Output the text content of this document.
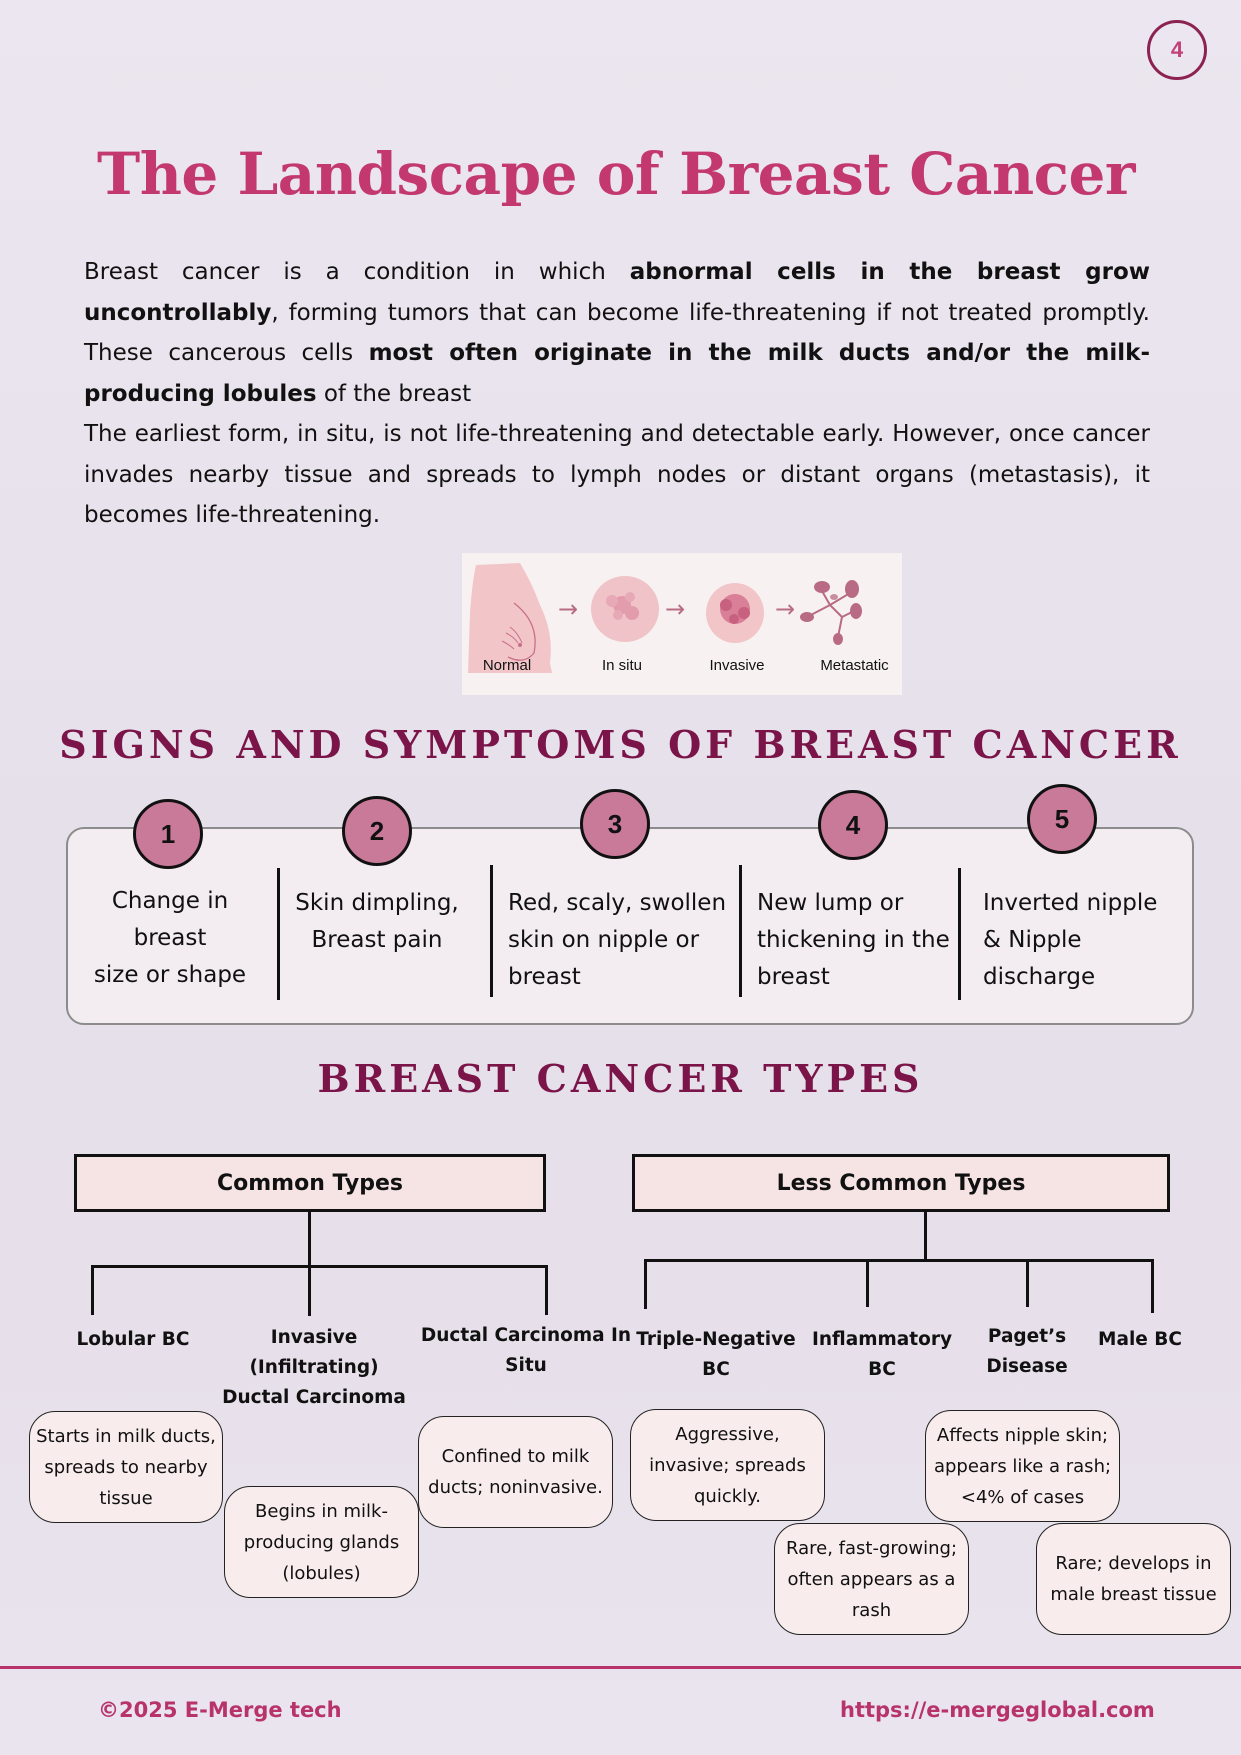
4
The Landscape of Breast Cancer

Breast cancer is a condition in which abnormal cells in the breast grow uncontrollably, forming tumors that can become life-threatening if not treated promptly. These cancerous cells most often originate in the milk ducts and/or the milk-producing lobules of the breast

The earliest form, in situ, is not life-threatening and detectable early. However, once cancer invades nearby tissue and spreads to lymph nodes or distant organs (metastasis), it becomes life-threatening.

→	→	→
Normal	In situ	Invasive	Metastatic
SIGNS AND SYMPTOMS OF BREAST CANCER
1	2	3	4	5
Change in breast
size or shape
Skin dimpling,
Breast pain
Red, scaly, swollen
skin on nipple or
breast
New lump or
thickening in the
breast
Inverted nipple
& Nipple
discharge
BREAST CANCER TYPES
Common Types	Less Common Types
Lobular BC	Invasive (Infiltrating)
Ductal Carcinoma
Ductal Carcinoma In
Situ
Triple-Negative
BC
Inflammatory
BC
Paget’s
Disease
Male BC
Starts in milk ducts,
spreads to nearby
tissue
Begins in milk-
producing glands
(lobules)
Confined to milk
ducts; noninvasive.
Aggressive,
invasive; spreads
quickly.
Rare, fast-growing;
often appears as a
rash
Affects nipple skin;
appears like a rash;
<4% of cases
Rare; develops in
male breast tissue
©2025 E-Merge tech	https://e-mergeglobal.com
